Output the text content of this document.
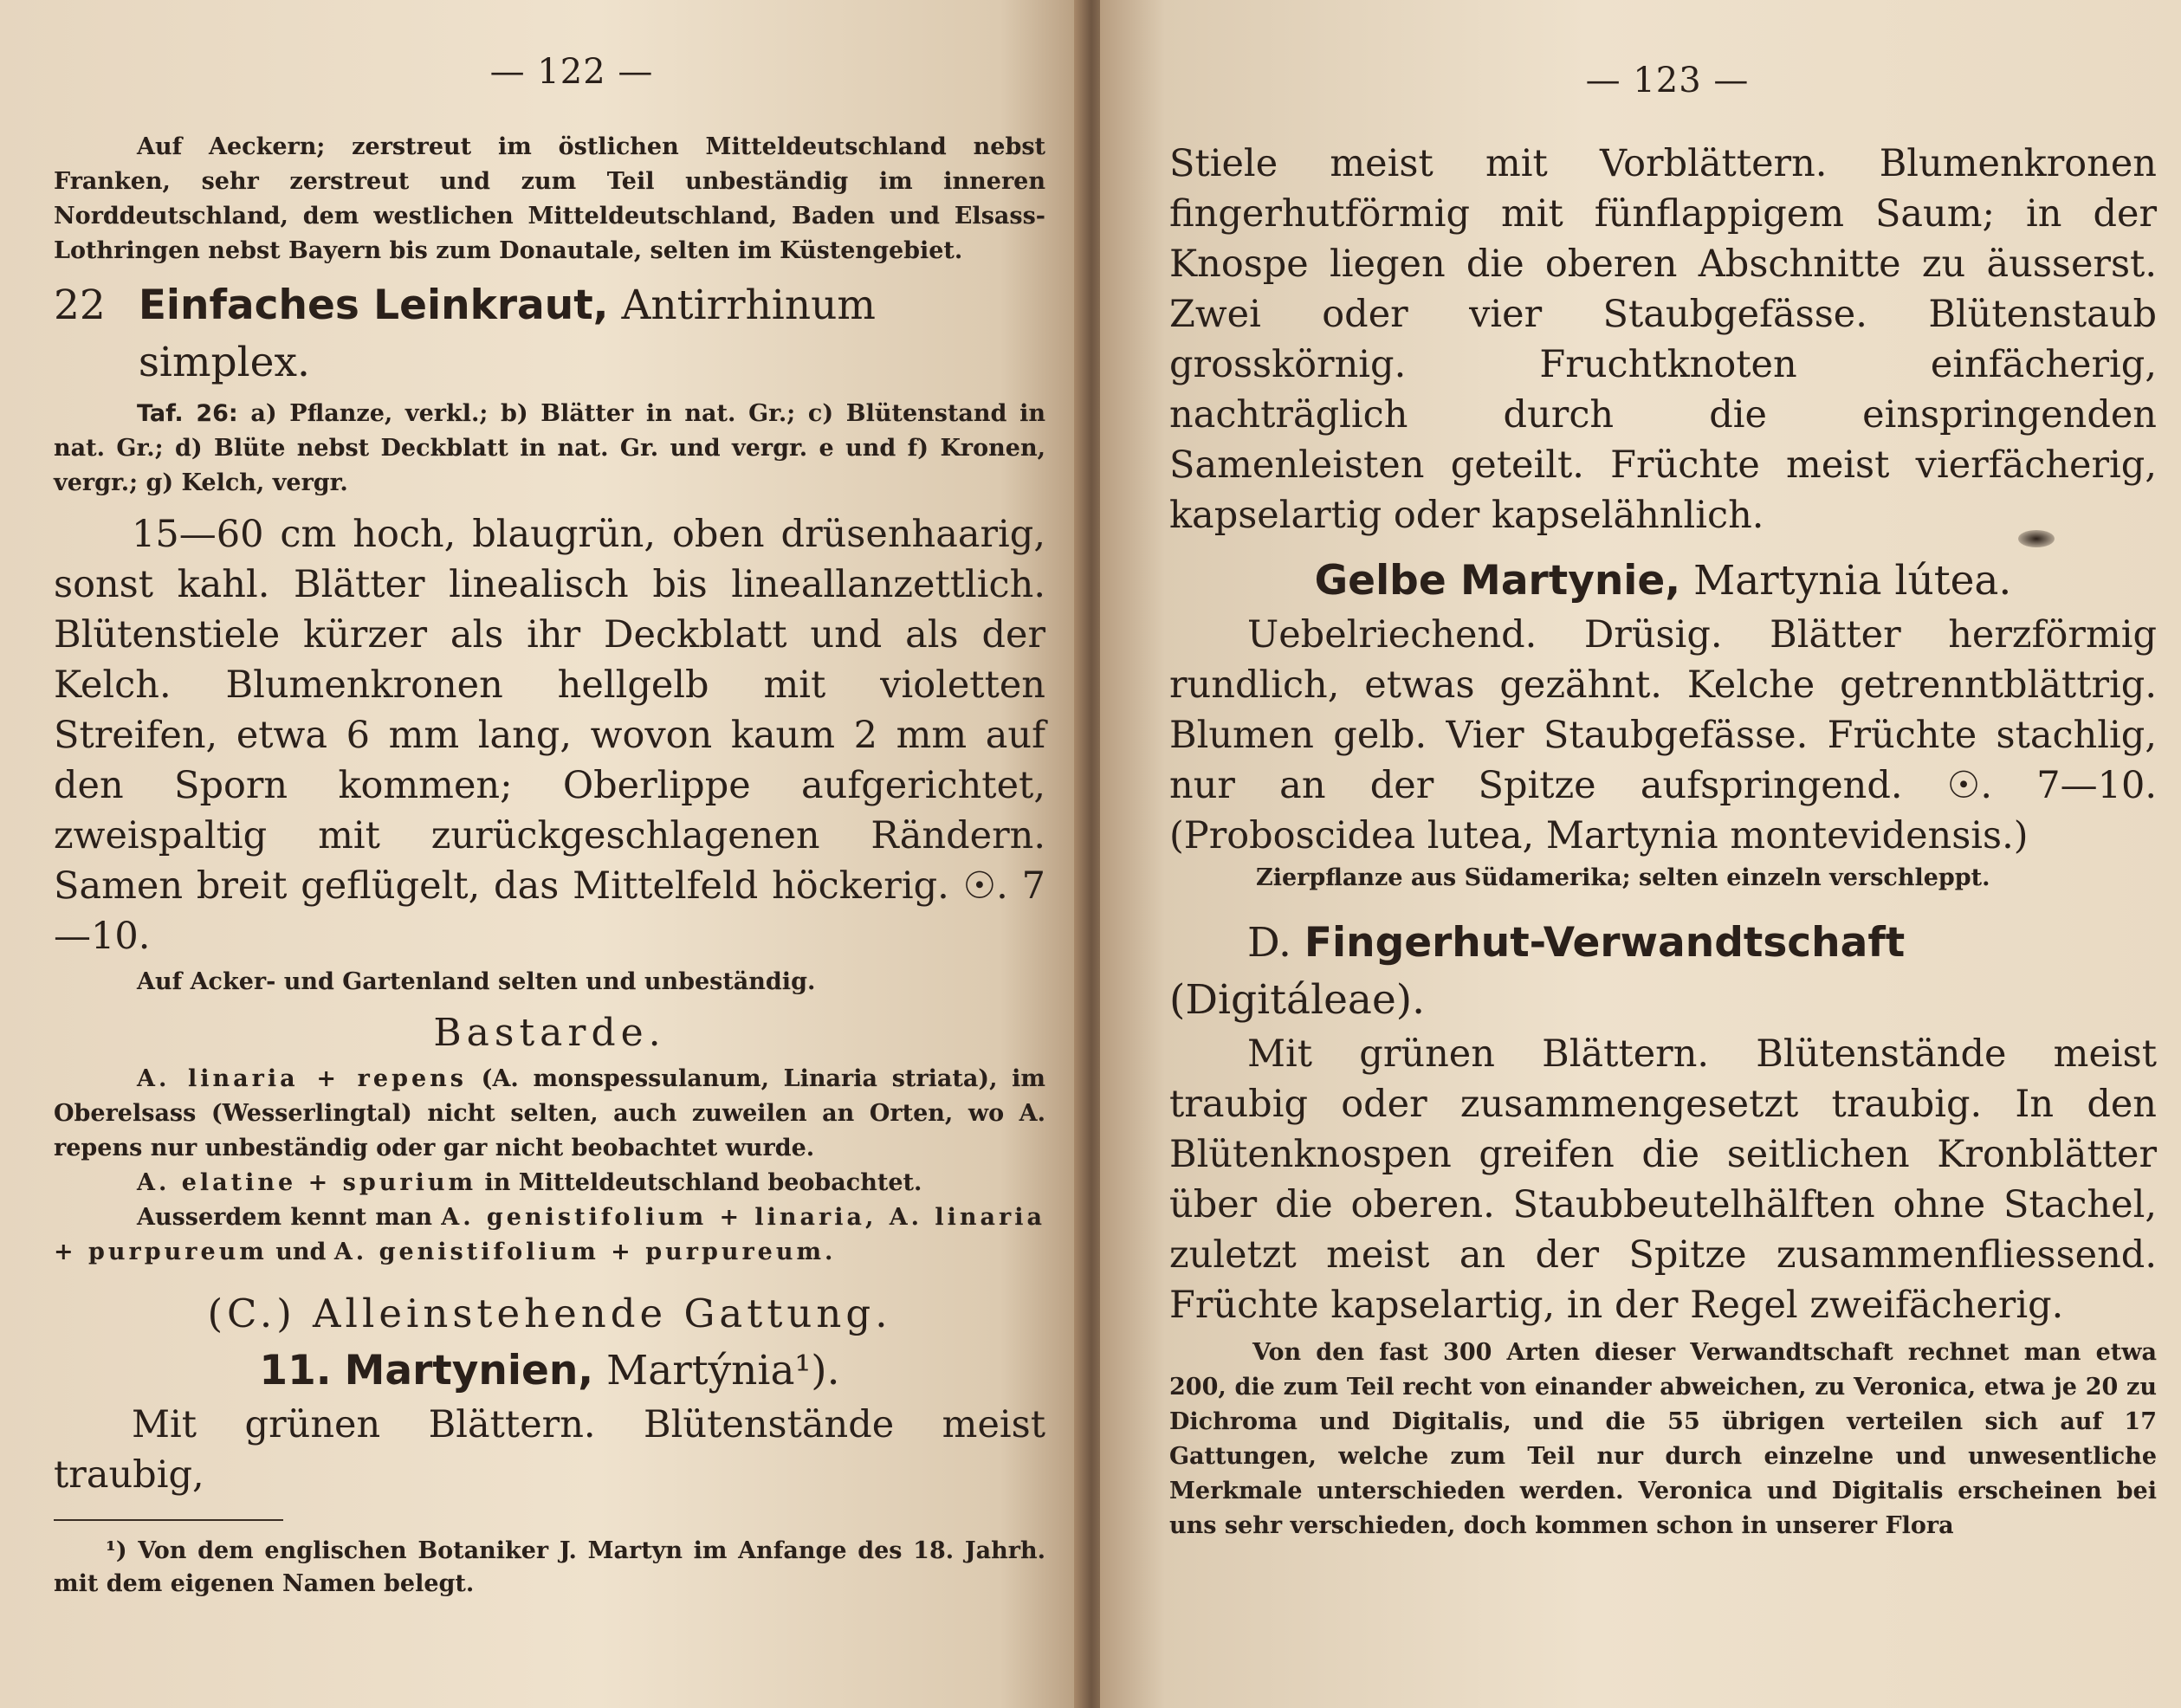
— 122 —

Auf Aeckern; zerstreut im östlichen Mitteldeutschland nebst Franken, sehr zerstreut und zum Teil unbeständig im inneren Norddeutschland, dem westlichen Mitteldeutschland, Baden und Elsass-Lothringen nebst Bayern bis zum Donautale, selten im Küstengebiet.

22 Einfaches Leinkraut, Antirrhinum simplex.

Taf. 26: a) Pflanze, verkl.; b) Blätter in nat. Gr.; c) Blütenstand in nat. Gr.; d) Blüte nebst Deckblatt in nat. Gr. und vergr. e und f) Kronen, vergr.; g) Kelch, vergr.

15—60 cm hoch, blaugrün, oben drüsenhaarig, sonst kahl. Blätter linealisch bis lineallanzettlich. Blütenstiele kürzer als ihr Deckblatt und als der Kelch. Blumenkronen hellgelb mit violetten Streifen, etwa 6 mm lang, wovon kaum 2 mm auf den Sporn kommen; Oberlippe aufgerichtet, zweispaltig mit zurückgeschlagenen Rändern. Samen breit geflügelt, das Mittelfeld höckerig. ☉. 7—10.

Auf Acker- und Gartenland selten und unbeständig.

Bastarde.

A. linaria + repens (A. monspessulanum, Linaria striata), im Oberelsass (Wesserlingtal) nicht selten, auch zuweilen an Orten, wo A. repens nur unbeständig oder gar nicht beobachtet wurde.

A. elatine + spurium in Mitteldeutschland beobachtet.

Ausserdem kennt man A. genistifolium + linaria, A. linaria + purpureum und A. genistifolium + purpureum.

(C.) Alleinstehende Gattung.

11. Martynien, Martýnia¹).

Mit grünen Blättern. Blütenstände meist traubig,

¹) Von dem englischen Botaniker J. Martyn im Anfange des 18. Jahrh. mit dem eigenen Namen belegt.

— 123 —

Stiele meist mit Vorblättern. Blumenkronen fingerhutförmig mit fünflappigem Saum; in der Knospe liegen die oberen Abschnitte zu äusserst. Zwei oder vier Staubgefässe. Blütenstaub grosskörnig. Fruchtknoten einfächerig, nachträglich durch die einspringenden Samenleisten geteilt. Früchte meist vierfächerig, kapselartig oder kapselähnlich.

Gelbe Martynie, Martynia lútea.

Uebelriechend. Drüsig. Blätter herzförmig rundlich, etwas gezähnt. Kelche getrenntblättrig. Blumen gelb. Vier Staubgefässe. Früchte stachlig, nur an der Spitze aufspringend. ☉. 7—10. (Proboscidea lutea, Martynia montevidensis.)

Zierpflanze aus Südamerika; selten einzeln verschleppt.

D. Fingerhut-Verwandtschaft (Digitáleae).

Mit grünen Blättern. Blütenstände meist traubig oder zusammengesetzt traubig. In den Blütenknospen greifen die seitlichen Kronblätter über die oberen. Staubbeutelhälften ohne Stachel, zuletzt meist an der Spitze zusammenfliessend. Früchte kapselartig, in der Regel zweifächerig.

Von den fast 300 Arten dieser Verwandtschaft rechnet man etwa 200, die zum Teil recht von einander abweichen, zu Veronica, etwa je 20 zu Dichroma und Digitalis, und die 55 übrigen verteilen sich auf 17 Gattungen, welche zum Teil nur durch einzelne und unwesentliche Merkmale unterschieden werden. Veronica und Digitalis erscheinen bei uns sehr verschieden, doch kommen schon in unserer Flora
